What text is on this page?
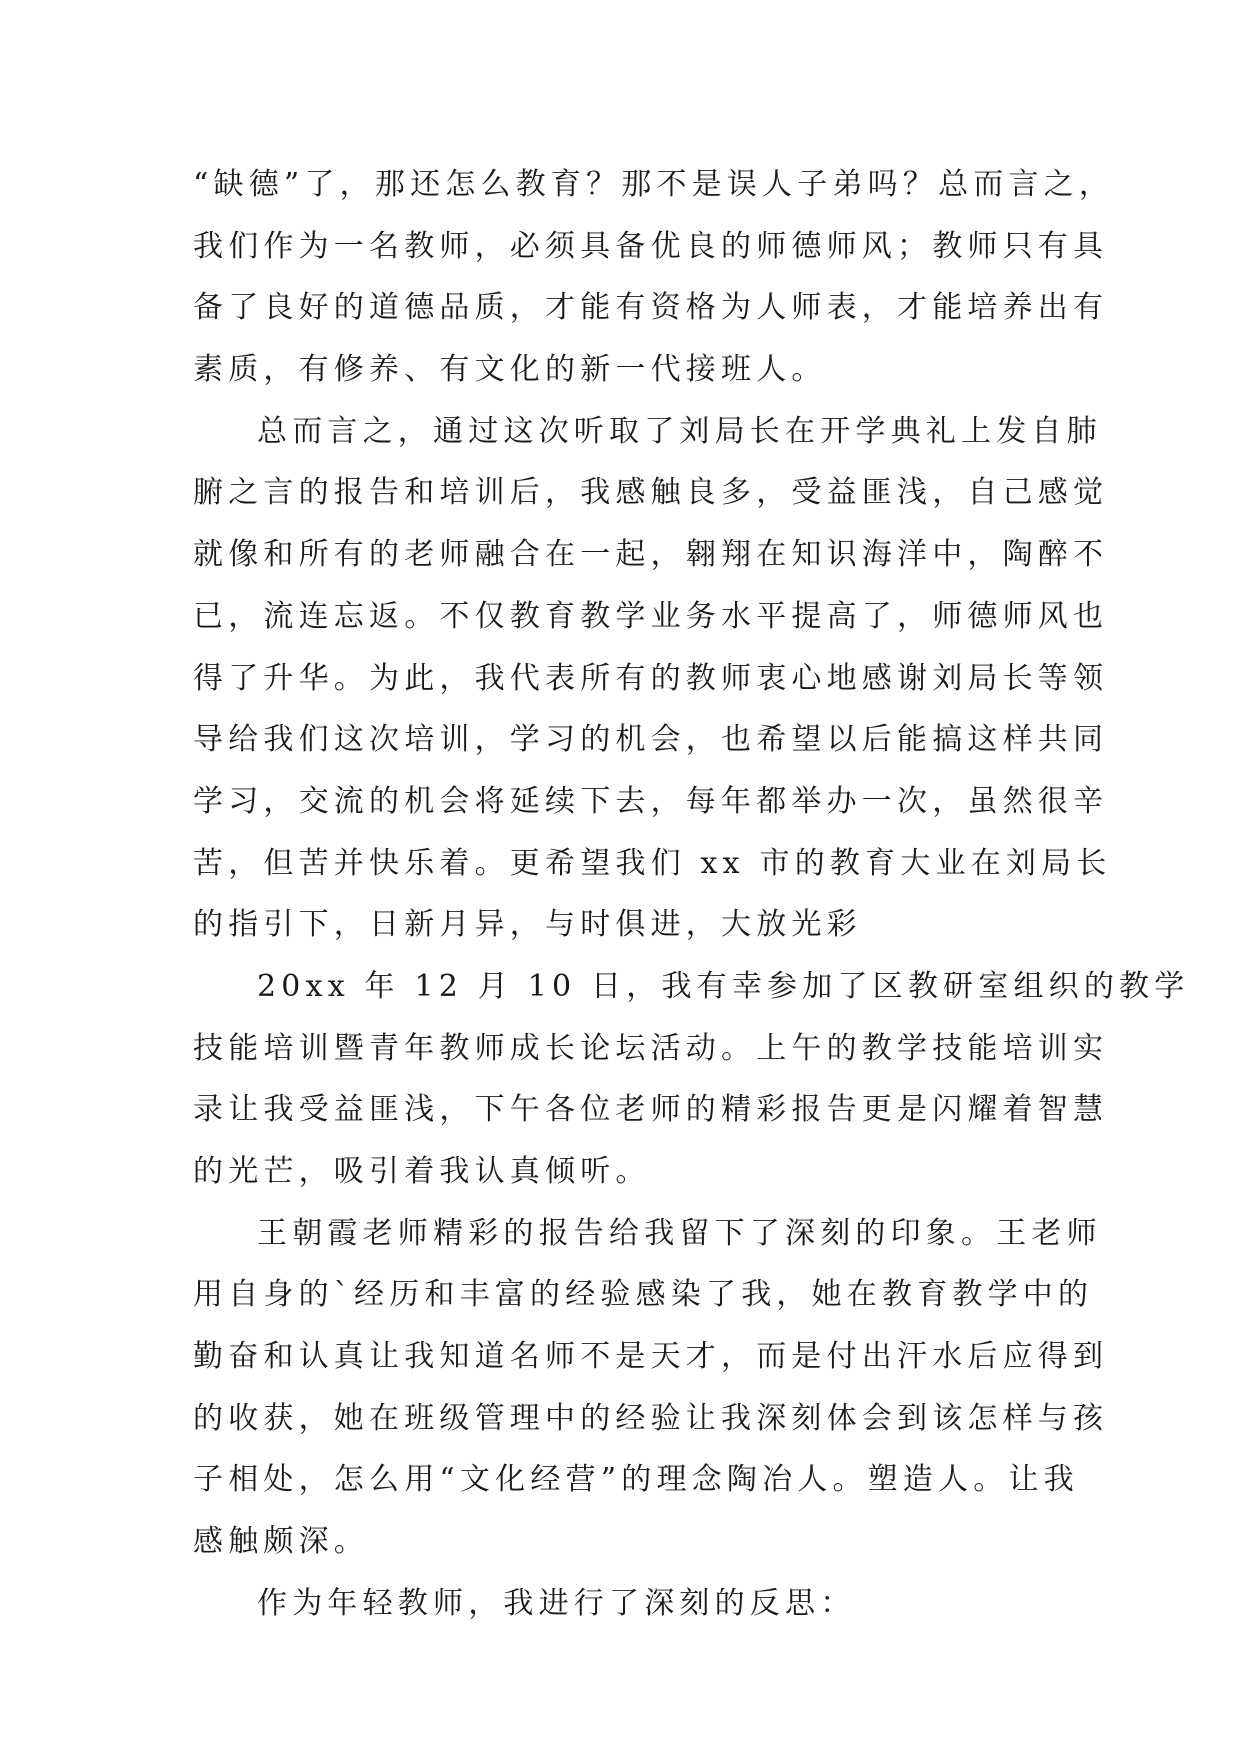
“缺德”了，那还怎么教育？那不是误人子弟吗？总而言之，
我们作为一名教师，必须具备优良的师德师风；教师只有具
备了良好的道德品质，才能有资格为人师表，才能培养出有
素质，有修养、有文化的新一代接班人。
总而言之，通过这次听取了刘局长在开学典礼上发自肺
腑之言的报告和培训后，我感触良多，受益匪浅，自己感觉
就像和所有的老师融合在一起，翱翔在知识海洋中，陶醉不
已，流连忘返。不仅教育教学业务水平提高了，师德师风也
得了升华。为此，我代表所有的教师衷心地感谢刘局长等领
导给我们这次培训，学习的机会，也希望以后能搞这样共同
学习，交流的机会将延续下去，每年都举办一次，虽然很辛
苦，但苦并快乐着。更希望我们 xx 市的教育大业在刘局长
的指引下，日新月异，与时俱进，大放光彩
20xx 年 12 月 10 日，我有幸参加了区教研室组织的教学
技能培训暨青年教师成长论坛活动。上午的教学技能培训实
录让我受益匪浅，下午各位老师的精彩报告更是闪耀着智慧
的光芒，吸引着我认真倾听。
王朝霞老师精彩的报告给我留下了深刻的印象。王老师
用自身的`经历和丰富的经验感染了我，她在教育教学中的
勤奋和认真让我知道名师不是天才，而是付出汗水后应得到
的收获，她在班级管理中的经验让我深刻体会到该怎样与孩
子相处，怎么用“文化经营”的理念陶冶人。塑造人。让我
感触颇深。
作为年轻教师，我进行了深刻的反思：
